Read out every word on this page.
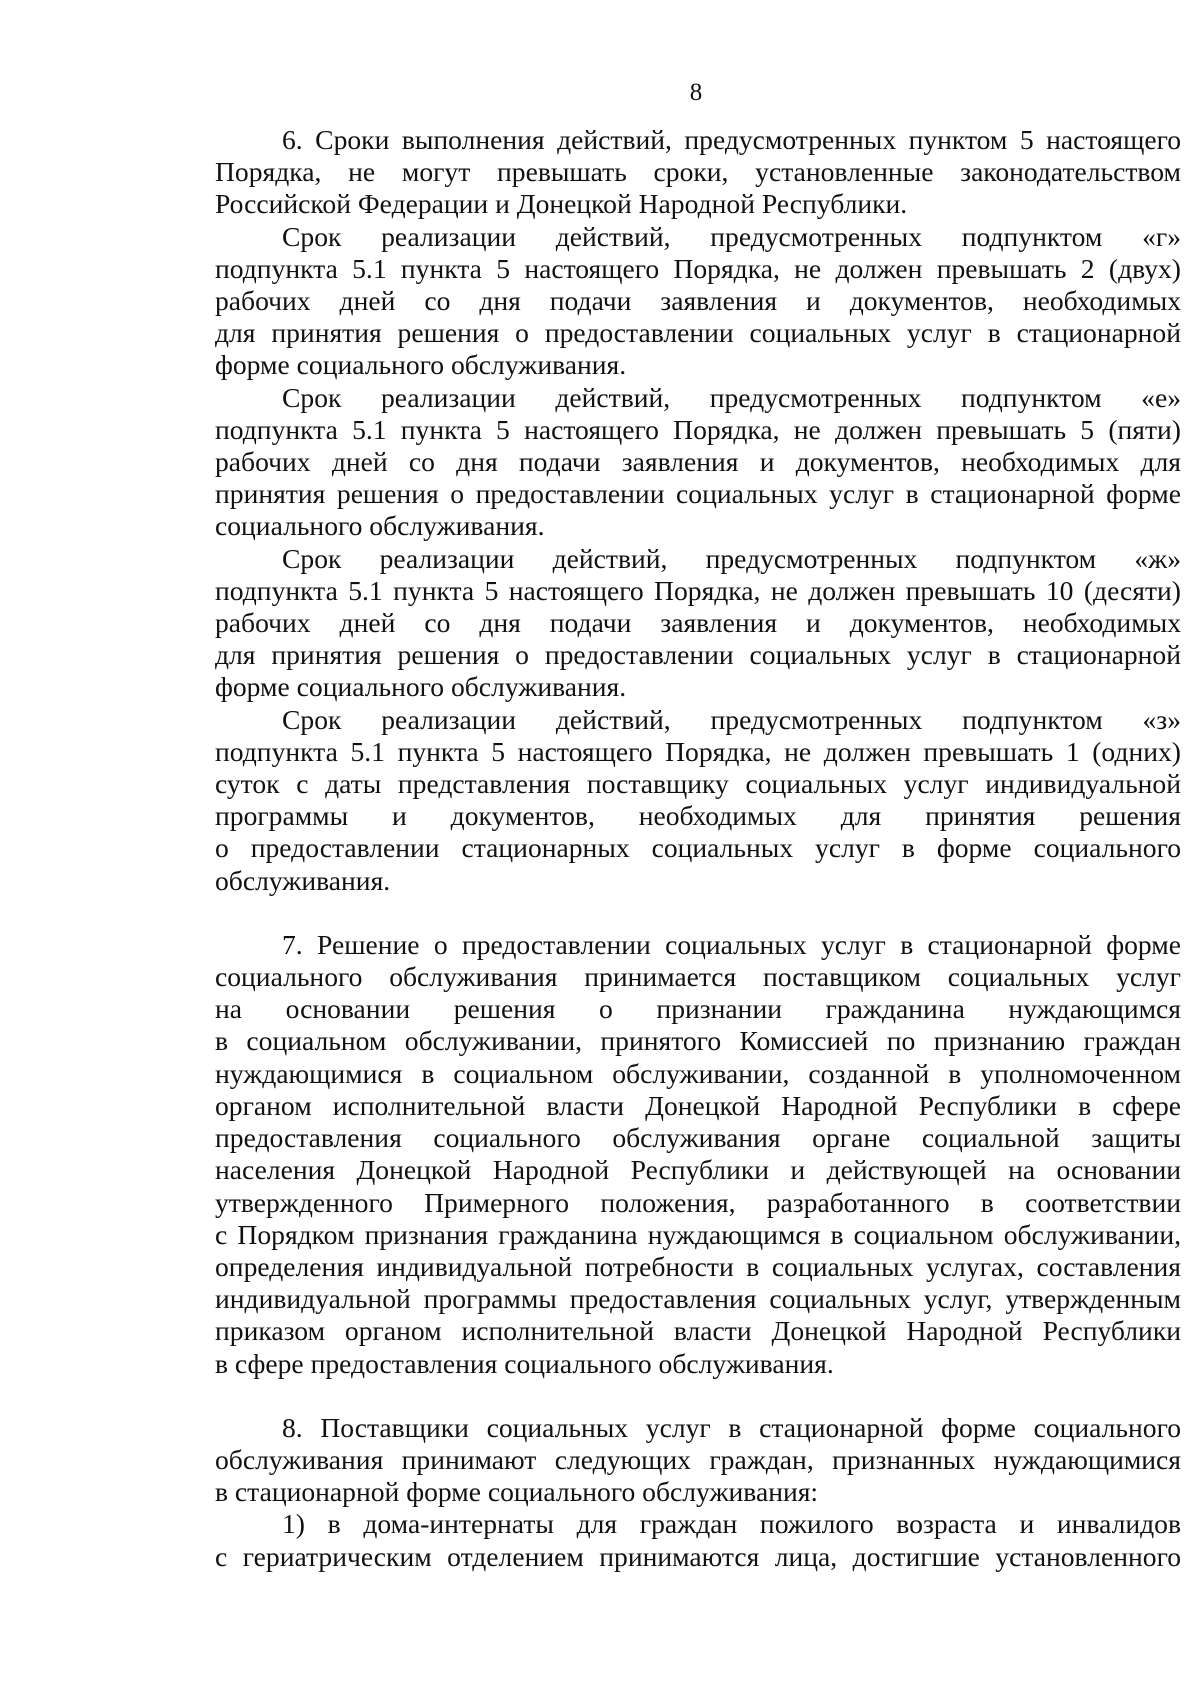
8

6. Сроки выполнения действий, предусмотренных пунктом 5 настоящего
Порядка, не могут превышать сроки, установленные законодательством
Российской Федерации и Донецкой Народной Республики.

Срок реализации действий, предусмотренных подпунктом «г»
подпункта 5.1 пункта 5 настоящего Порядка, не должен превышать 2 (двух)
рабочих дней со дня подачи заявления и документов, необходимых
для принятия решения о предоставлении социальных услуг в стационарной
форме социального обслуживания.

Срок реализации действий, предусмотренных подпунктом «е»
подпункта 5.1 пункта 5 настоящего Порядка, не должен превышать 5 (пяти)
рабочих дней со дня подачи заявления и документов, необходимых для
принятия решения о предоставлении социальных услуг в стационарной форме
социального обслуживания.

Срок реализации действий, предусмотренных подпунктом «ж»
подпункта 5.1 пункта 5 настоящего Порядка, не должен превышать 10 (десяти)
рабочих дней со дня подачи заявления и документов, необходимых
для принятия решения о предоставлении социальных услуг в стационарной
форме социального обслуживания.

Срок реализации действий, предусмотренных подпунктом «з»
подпункта 5.1 пункта 5 настоящего Порядка, не должен превышать 1 (одних)
суток с даты представления поставщику социальных услуг индивидуальной
программы и документов, необходимых для принятия решения
о предоставлении стационарных социальных услуг в форме социального
обслуживания.

7. Решение о предоставлении социальных услуг в стационарной форме
социального обслуживания принимается поставщиком социальных услуг
на основании решения о признании гражданина нуждающимся
в социальном обслуживании, принятого Комиссией по признанию граждан
нуждающимися в социальном обслуживании, созданной в уполномоченном
органом исполнительной власти Донецкой Народной Республики в сфере
предоставления социального обслуживания органе социальной защиты
населения Донецкой Народной Республики и действующей на основании
утвержденного Примерного положения, разработанного в соответствии
с Порядком признания гражданина нуждающимся в социальном обслуживании,
определения индивидуальной потребности в социальных услугах, составления
индивидуальной программы предоставления социальных услуг, утвержденным
приказом органом исполнительной власти Донецкой Народной Республики
в сфере предоставления социального обслуживания.

8. Поставщики социальных услуг в стационарной форме социального
обслуживания принимают следующих граждан, признанных нуждающимися
в стационарной форме социального обслуживания:

1) в дома-интернаты для граждан пожилого возраста и инвалидов
с гериатрическим отделением принимаются лица, достигшие установленного
